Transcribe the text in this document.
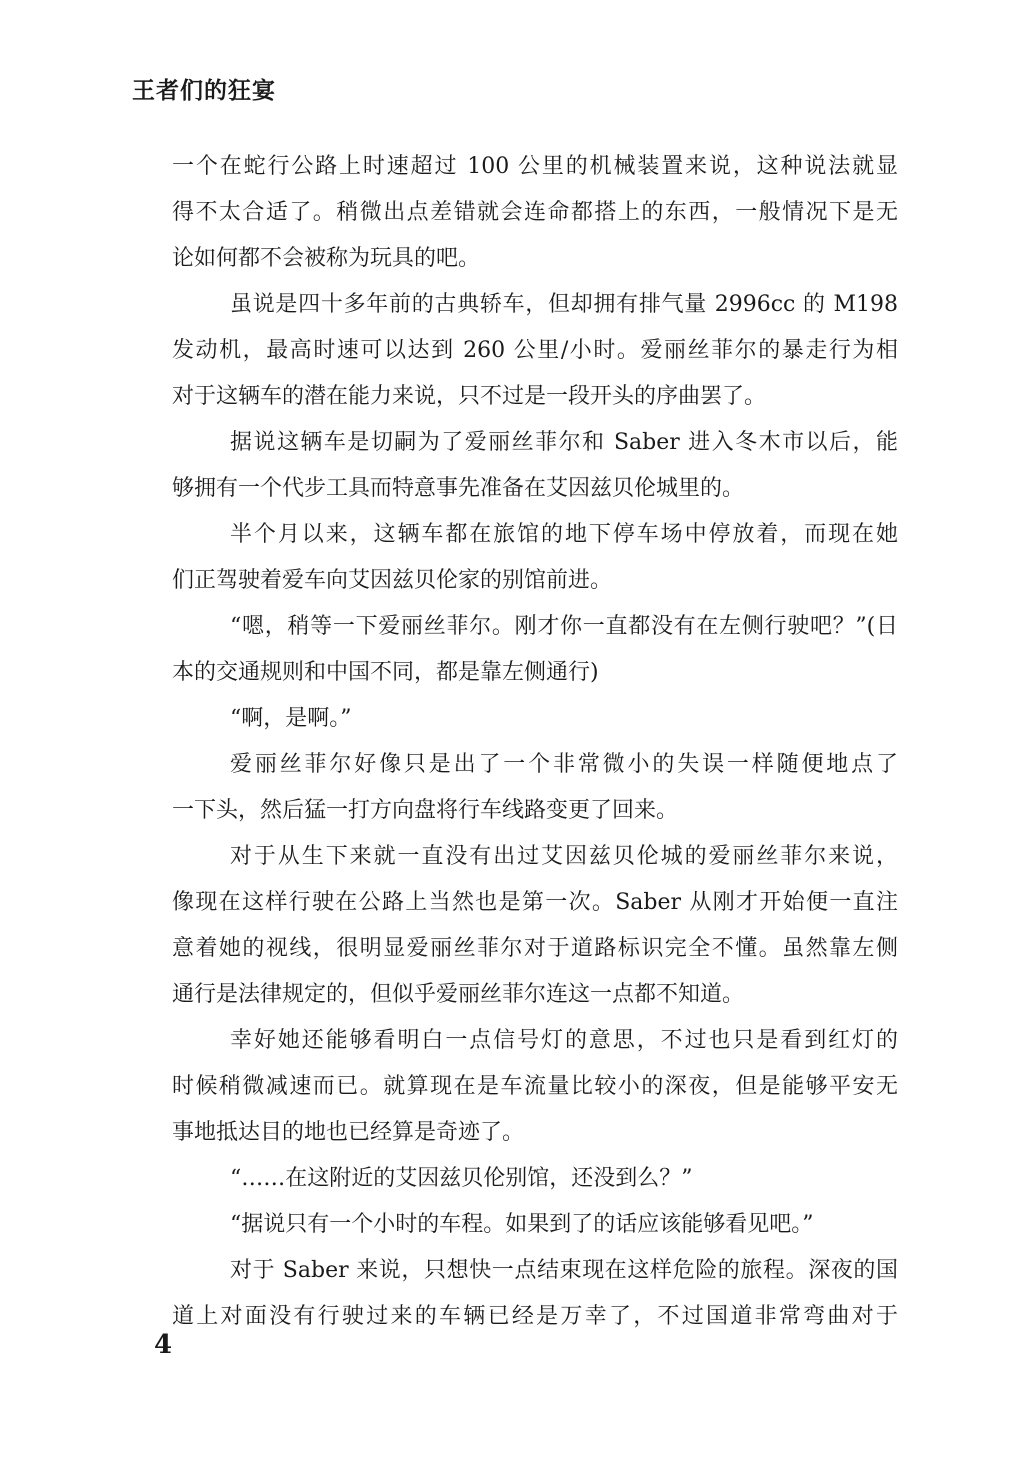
王者们的狂宴
一个在蛇行公路上时速超过 100 公里的机械装置来说，这种说法就显
得不太合适了。稍微出点差错就会连命都搭上的东西，一般情况下是无
论如何都不会被称为玩具的吧。
虽说是四十多年前的古典轿车，但却拥有排气量 2996cc 的 M198
发动机，最高时速可以达到 260 公里/小时。爱丽丝菲尔的暴走行为相
对于这辆车的潜在能力来说，只不过是一段开头的序曲罢了。
据说这辆车是切嗣为了爱丽丝菲尔和 Saber 进入冬木市以后，能
够拥有一个代步工具而特意事先准备在艾因兹贝伦城里的。
半个月以来，这辆车都在旅馆的地下停车场中停放着，而现在她
们正驾驶着爱车向艾因兹贝伦家的别馆前进。
“嗯，稍等一下爱丽丝菲尔。刚才你一直都没有在左侧行驶吧？”(日
本的交通规则和中国不同，都是靠左侧通行)
“啊，是啊。”
爱丽丝菲尔好像只是出了一个非常微小的失误一样随便地点了
一下头，然后猛一打方向盘将行车线路变更了回来。
对于从生下来就一直没有出过艾因兹贝伦城的爱丽丝菲尔来说，
像现在这样行驶在公路上当然也是第一次。Saber 从刚才开始便一直注
意着她的视线，很明显爱丽丝菲尔对于道路标识完全不懂。虽然靠左侧
通行是法律规定的，但似乎爱丽丝菲尔连这一点都不知道。
幸好她还能够看明白一点信号灯的意思，不过也只是看到红灯的
时候稍微减速而已。就算现在是车流量比较小的深夜，但是能够平安无
事地抵达目的地也已经算是奇迹了。
“……在这附近的艾因兹贝伦别馆，还没到么？”
“据说只有一个小时的车程。如果到了的话应该能够看见吧。”
对于 Saber 来说，只想快一点结束现在这样危险的旅程。深夜的国
道上对面没有行驶过来的车辆已经是万幸了，不过国道非常弯曲对于
4
